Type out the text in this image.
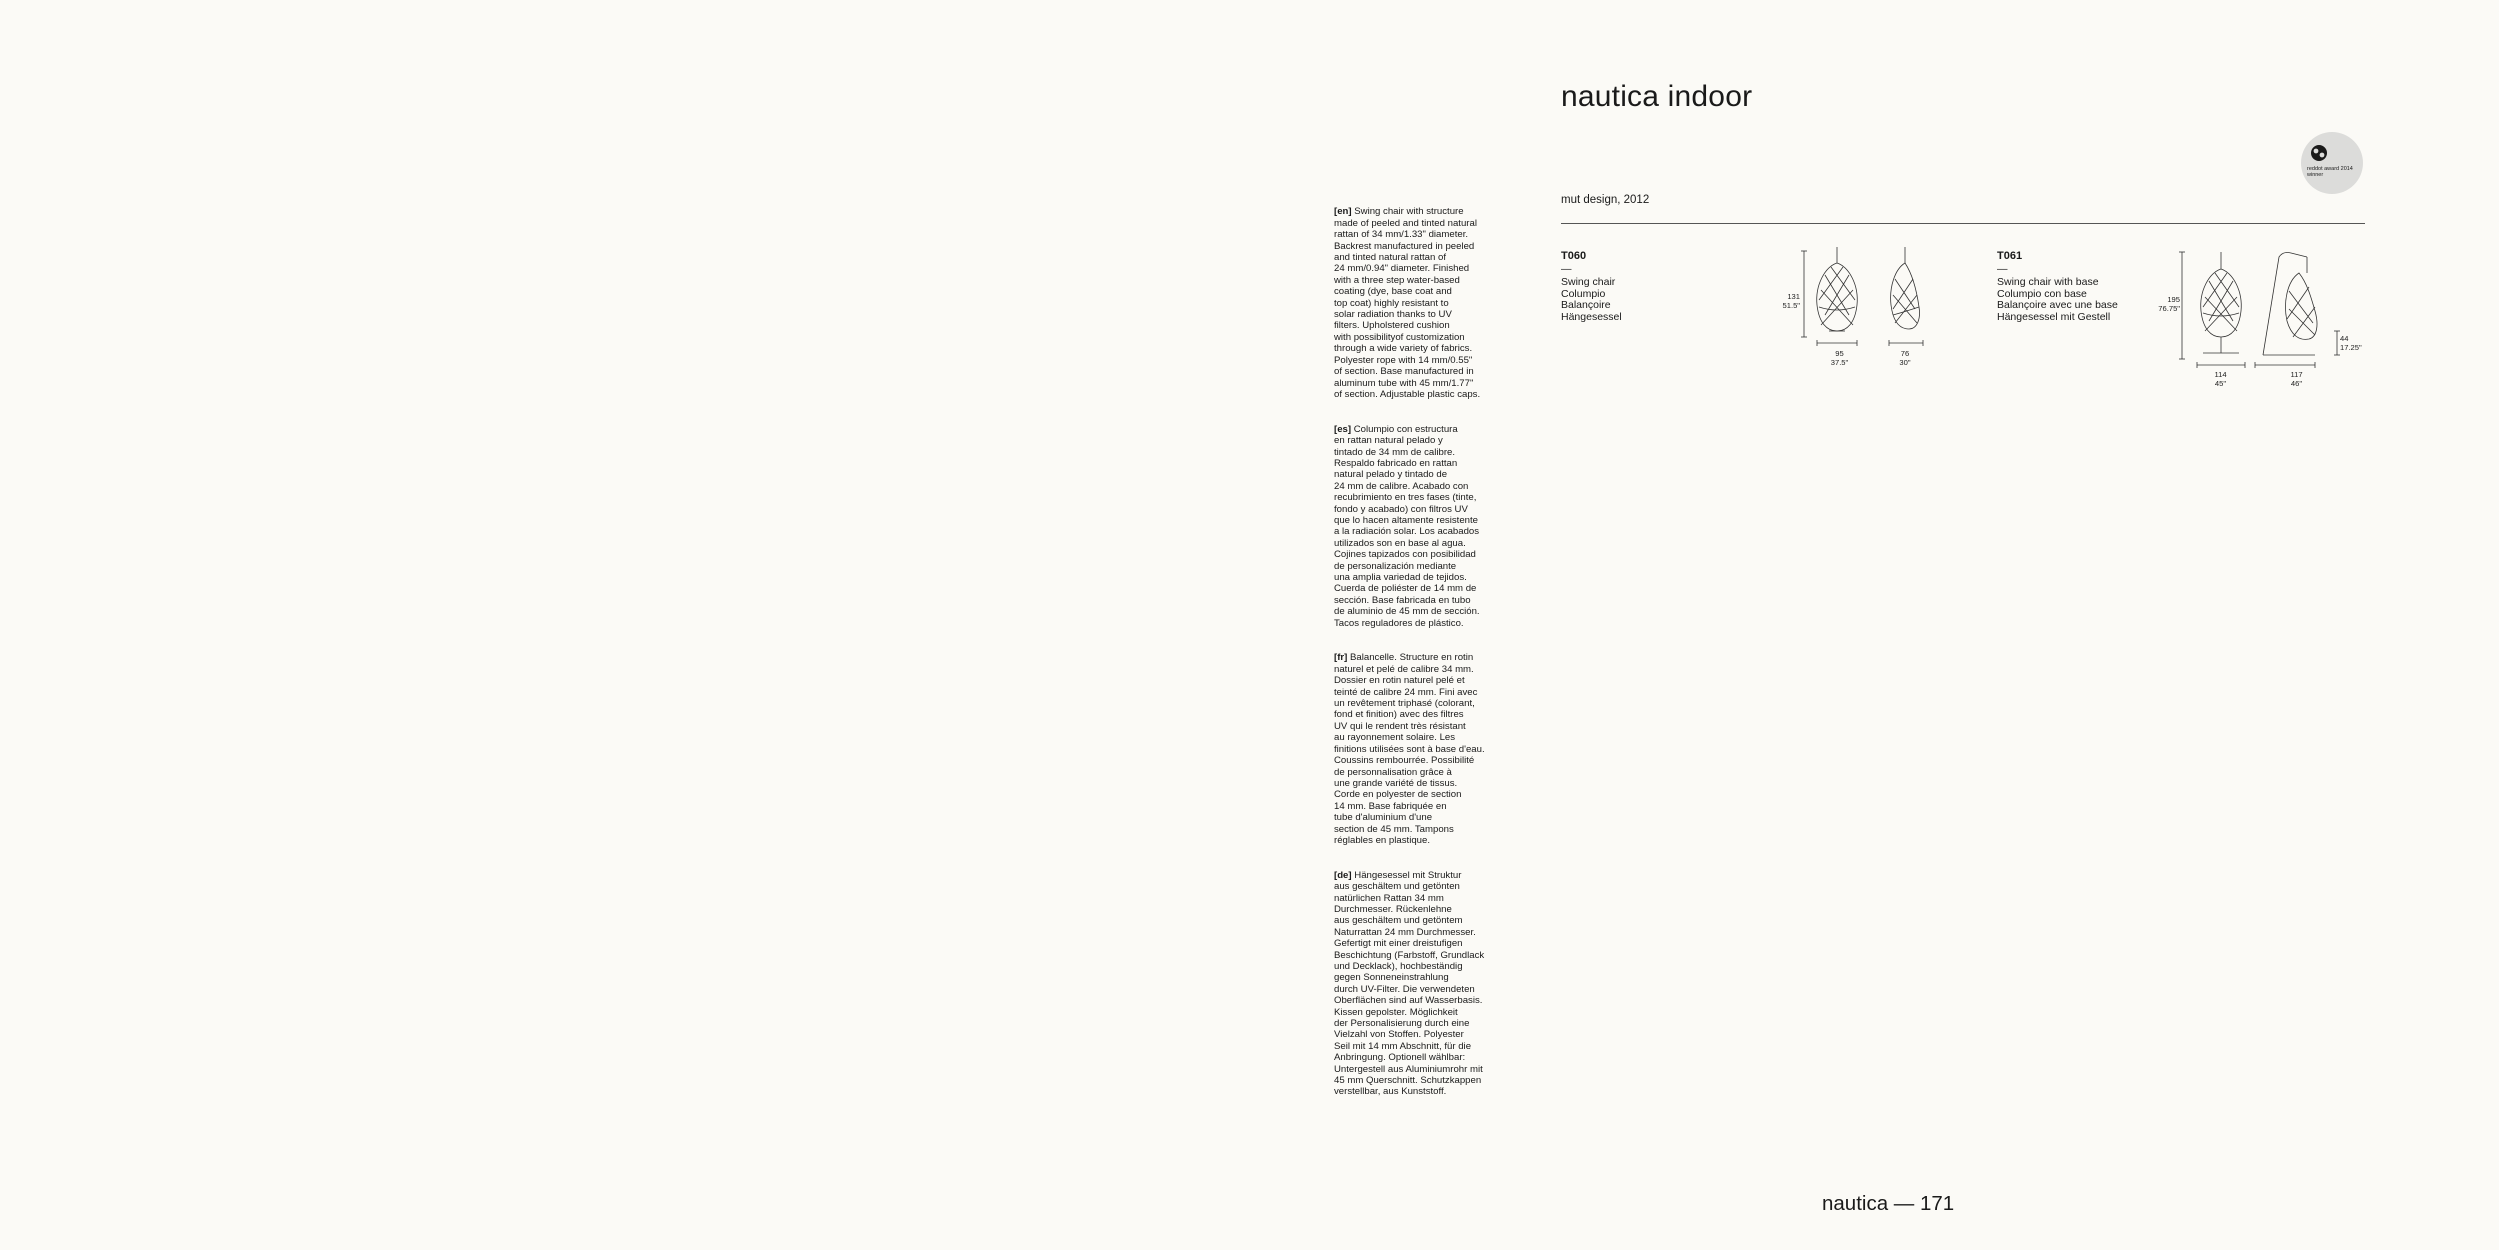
[en] Swing chair with structure
made of peeled and tinted natural
rattan of 34 mm/1.33" diameter.
Backrest manufactured in peeled
and tinted natural rattan of
24 mm/0.94" diameter. Finished
with a three step water-based
coating (dye, base coat and
top coat) highly resistant to
solar radiation thanks to UV
filters. Upholstered cushion
with possibilityof customization
through a wide variety of fabrics.
Polyester rope with 14 mm/0.55"
of section. Base manufactured in
aluminum tube with 45 mm/1.77"
of section. Adjustable plastic caps.

[es] Columpio con estructura
en rattan natural pelado y
tintado de 34 mm de calibre.
Respaldo fabricado en rattan
natural pelado y tintado de
24 mm de calibre. Acabado con
recubrimiento en tres fases (tinte,
fondo y acabado) con filtros UV
que lo hacen altamente resistente
a la radiación solar. Los acabados
utilizados son en base al agua.
Cojines tapizados con posibilidad
de personalización mediante
una amplia variedad de tejidos.
Cuerda de poliéster de 14 mm de
sección. Base fabricada en tubo
de aluminio de 45 mm de sección.
Tacos reguladores de plástico.

[fr] Balancelle. Structure en rotin
naturel et pelé de calibre 34 mm.
Dossier en rotin naturel pelé et
teinté de calibre 24 mm. Fini avec
un revêtement triphasé (colorant,
fond et finition) avec des filtres
UV qui le rendent très résistant
au rayonnement solaire. Les
finitions utilisées sont à base d'eau.
Coussins rembourrée. Possibilité
de personnalisation grâce à
une grande variété de tissus.
Corde en polyester de section
14 mm. Base fabriquée en
tube d'aluminium d'une
section de 45 mm. Tampons
réglables en plastique.

[de] Hängesessel mit Struktur
aus geschältem und getönten
natürlichen Rattan 34 mm
Durchmesser. Rückenlehne
aus geschältem und getöntem
Naturrattan 24 mm Durchmesser.
Gefertigt mit einer dreistufigen
Beschichtung (Farbstoff, Grundlack
und Decklack), hochbeständig
gegen Sonneneinstrahlung
durch UV-Filter. Die verwendeten
Oberflächen sind auf Wasserbasis.
Kissen gepolster. Möglichkeit
der Personalisierung durch eine
Vielzahl von Stoffen. Polyester
Seil mit 14 mm Abschnitt, für die
Anbringung. Optionell wählbar:
Untergestell aus Aluminiumrohr mit
45 mm Querschnitt. Schutzkappen
verstellbar, aus Kunststoff.

nautica indoor
mut design, 2012
reddot award 2014
winner
T060
—
Swing chair
Columpio
Balançoire
Hängesessel
131
51.5"
95
37.5"
76
30"
T061
—
Swing chair with base
Columpio con base
Balançoire avec une base
Hängesessel mit Gestell
195
76.75"
114
45"
117
46"
44
17.25"
nautica — 171
